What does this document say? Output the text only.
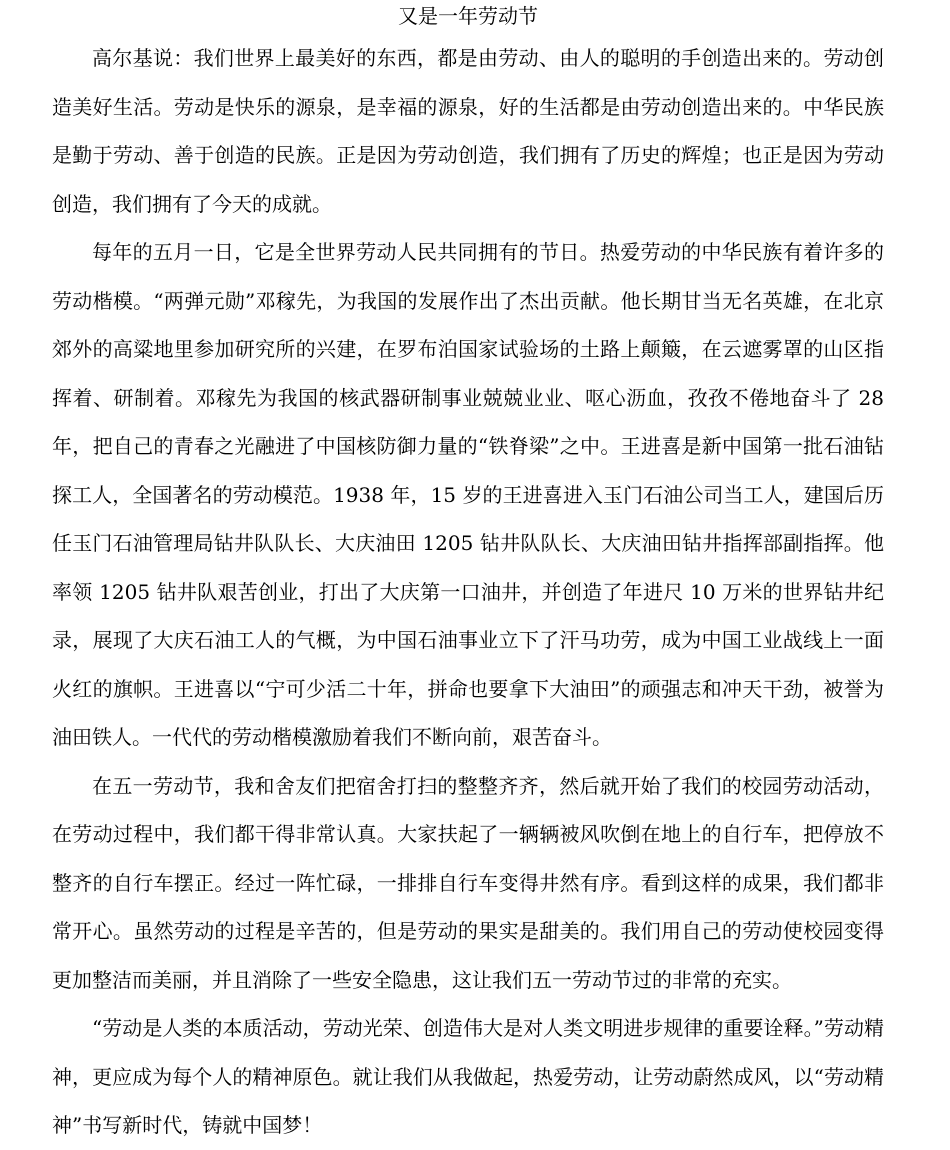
又是一年劳动节

高尔基说：我们世界上最美好的东西，都是由劳动、由人的聪明的手创造出来的。劳动创造美好生活。劳动是快乐的源泉，是幸福的源泉，好的生活都是由劳动创造出来的。中华民族是勤于劳动、善于创造的民族。正是因为劳动创造，我们拥有了历史的辉煌；也正是因为劳动创造，我们拥有了今天的成就。

每年的五月一日，它是全世界劳动人民共同拥有的节日。热爱劳动的中华民族有着许多的劳动楷模。“两弹元勋”邓稼先，为我国的发展作出了杰出贡献。他长期甘当无名英雄，在北京郊外的高粱地里参加研究所的兴建，在罗布泊国家试验场的土路上颠簸，在云遮雾罩的山区指挥着、研制着。邓稼先为我国的核武器研制事业兢兢业业、呕心沥血，孜孜不倦地奋斗了 28 年，把自己的青春之光融进了中国核防御力量的“铁脊梁”之中。王进喜是新中国第一批石油钻探工人，全国著名的劳动模范。1938 年，15 岁的王进喜进入玉门石油公司当工人，建国后历任玉门石油管理局钻井队队长、大庆油田 1205 钻井队队长、大庆油田钻井指挥部副指挥。他率领 1205 钻井队艰苦创业，打出了大庆第一口油井，并创造了年进尺 10 万米的世界钻井纪录，展现了大庆石油工人的气概，为中国石油事业立下了汗马功劳，成为中国工业战线上一面火红的旗帜。王进喜以“宁可少活二十年，拼命也要拿下大油田”的顽强志和冲天干劲，被誉为油田铁人。一代代的劳动楷模激励着我们不断向前，艰苦奋斗。

在五一劳动节，我和舍友们把宿舍打扫的整整齐齐，然后就开始了我们的校园劳动活动，在劳动过程中，我们都干得非常认真。大家扶起了一辆辆被风吹倒在地上的自行车，把停放不整齐的自行车摆正。经过一阵忙碌，一排排自行车变得井然有序。看到这样的成果，我们都非常开心。虽然劳动的过程是辛苦的，但是劳动的果实是甜美的。我们用自己的劳动使校园变得更加整洁而美丽，并且消除了一些安全隐患，这让我们五一劳动节过的非常的充实。

“劳动是人类的本质活动，劳动光荣、创造伟大是对人类文明进步规律的重要诠释。”劳动精神，更应成为每个人的精神原色。就让我们从我做起，热爱劳动，让劳动蔚然成风，以“劳动精神”书写新时代，铸就中国梦！
